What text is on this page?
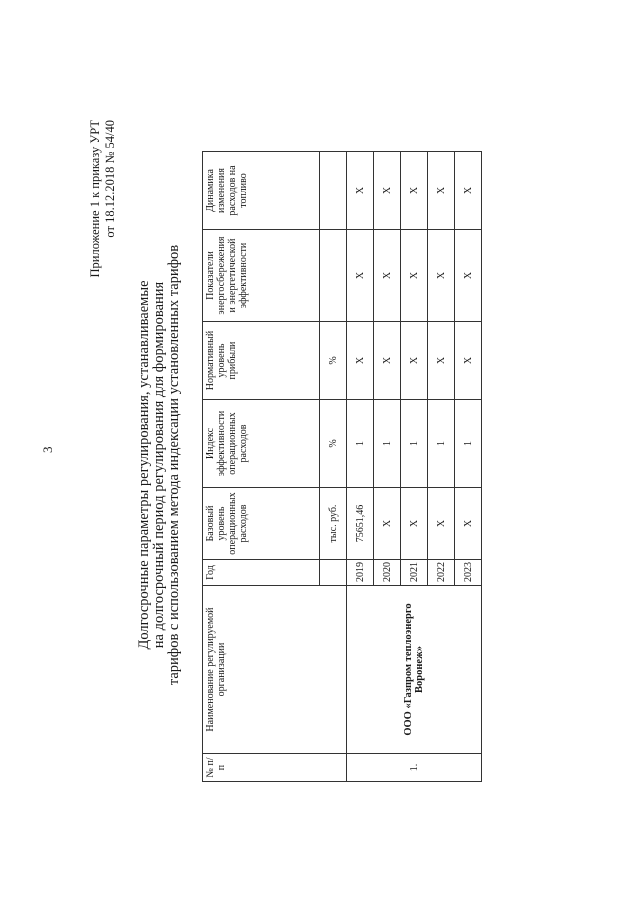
Приложение 1 к приказу УРТ от 18.12.2018 № 54/40
3	Долгосрочные параметры регулирования, устанавливаемые на долгосрочный период регулирования для формирования тарифов с использованием метода индексации установленных тарифов
№ п/п	Наименование регулируемой организации	Год	Базовый уровень операционных расходов	Индекс эффективности операционных расходов	Нормативный уровень прибыли	Показатели энергосбережения и энергетической эффективности	Динамика изменения расходов на топливо
			тыс. руб.	%	%		
1.	ООО «Газпром теплоэнерго Воронеж»	2019	75651,46	1	X	X	X
		2020	X	1	X	X	X
		2021	X	1	X	X	X
		2022	X	1	X	X	X
		2023	X	1	X	X	X
